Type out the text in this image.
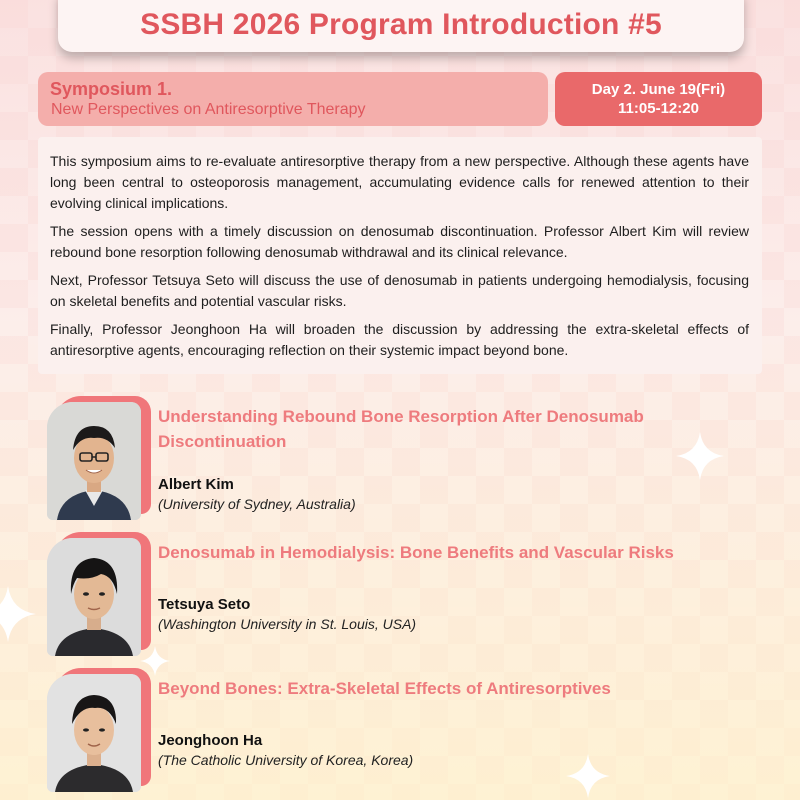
SSBH 2026 Program Introduction #5
Symposium 1.
New Perspectives on Antiresorptive Therapy
Day 2. June 19(Fri)
11:05-12:20

This symposium aims to re-evaluate antiresorptive therapy from a new perspective. Although these agents have long been central to osteoporosis management, accumulating evidence calls for renewed attention to their evolving clinical implications.

The session opens with a timely discussion on denosumab discontinuation. Professor Albert Kim will review rebound bone resorption following denosumab withdrawal and its clinical relevance.

Next, Professor Tetsuya Seto will discuss the use of denosumab in patients undergoing hemodialysis, focusing on skeletal benefits and potential vascular risks.

Finally, Professor Jeonghoon Ha will broaden the discussion by addressing the extra-skeletal effects of antiresorptive agents, encouraging reflection on their systemic impact beyond bone.

Understanding Rebound Bone Resorption After Denosumab Discontinuation
Albert Kim
(University of Sydney, Australia)
Denosumab in Hemodialysis: Bone Benefits and Vascular Risks
Tetsuya Seto
(Washington University in St. Louis, USA)
Beyond Bones: Extra-Skeletal Effects of Antiresorptives
Jeonghoon Ha
(The Catholic University of Korea, Korea)
